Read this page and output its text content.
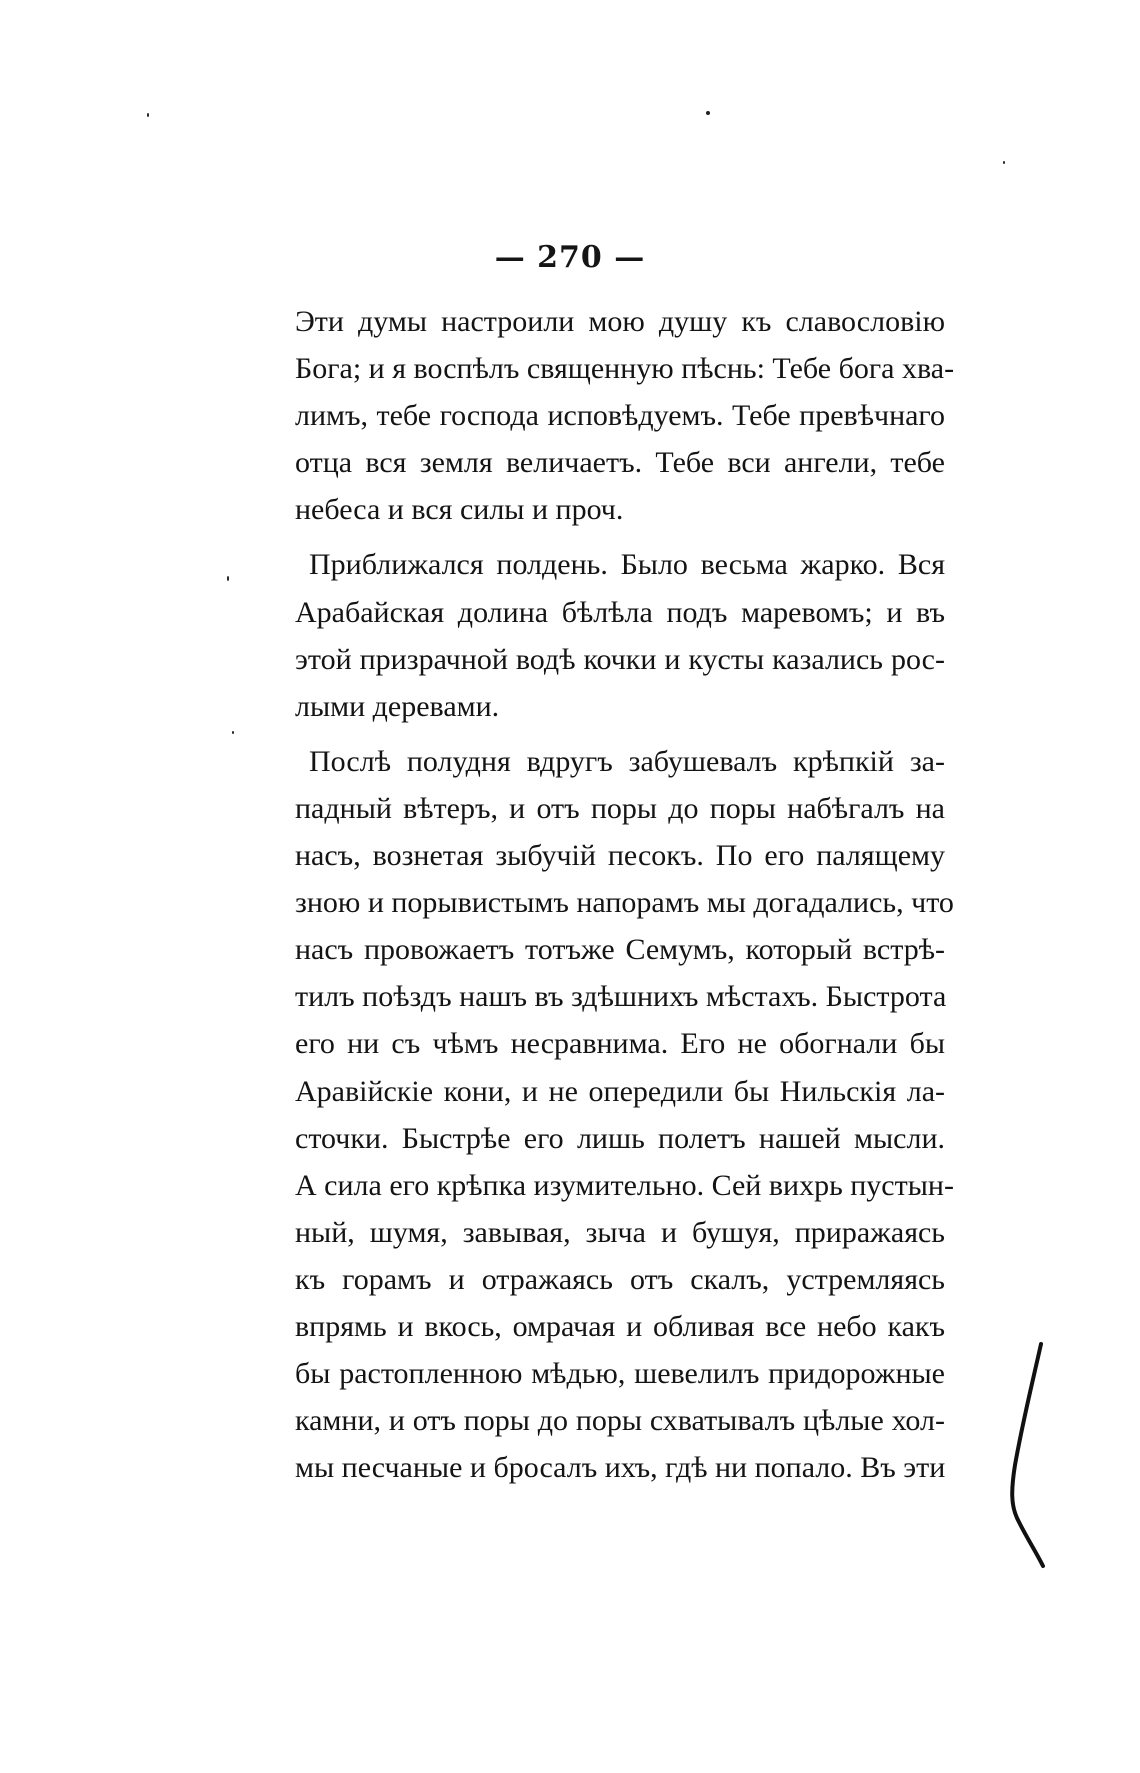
— 270 —
Эти думы настроили мою душу къ славословію
Бога; и я воспѣлъ священную пѣснь: Тебе бога хва-
лимъ, тебе господа исповѣдуемъ. Тебе превѣчнаго
отца вся земля величаетъ. Тебе вси ангели, тебе
небеса и вся силы и проч.
Приближался полдень. Было весьма жарко. Вся
Арабайская долина бѣлѣла подъ маревомъ; и въ
этой призрачной водѣ кочки и кусты казались рос-
лыми деревами.
Послѣ полудня вдругъ забушевалъ крѣпкій за-
падный вѣтеръ, и отъ поры до поры набѣгалъ на
насъ, вознетая зыбучій песокъ. По его палящему
зною и порывистымъ напорамъ мы догадались, что
насъ провожаетъ тотъже Семумъ, который встрѣ-
тилъ поѣздъ нашъ въ здѣшнихъ мѣстахъ. Быстрота
его ни съ чѣмъ несравнима. Его не обогнали бы
Аравійскіе кони, и не опередили бы Нильскія ла-
сточки. Быстрѣе его лишь полетъ нашей мысли.
А сила его крѣпка изумительно. Сей вихрь пустын-
ный, шумя, завывая, зыча и бушуя, приражаясь
къ горамъ и отражаясь отъ скалъ, устремляясь
впрямь и вкось, омрачая и обливая все небо какъ
бы растопленною мѣдью, шевелилъ придорожные
камни, и отъ поры до поры схватывалъ цѣлые хол-
мы песчаные и бросалъ ихъ, гдѣ ни попало. Въ эти
